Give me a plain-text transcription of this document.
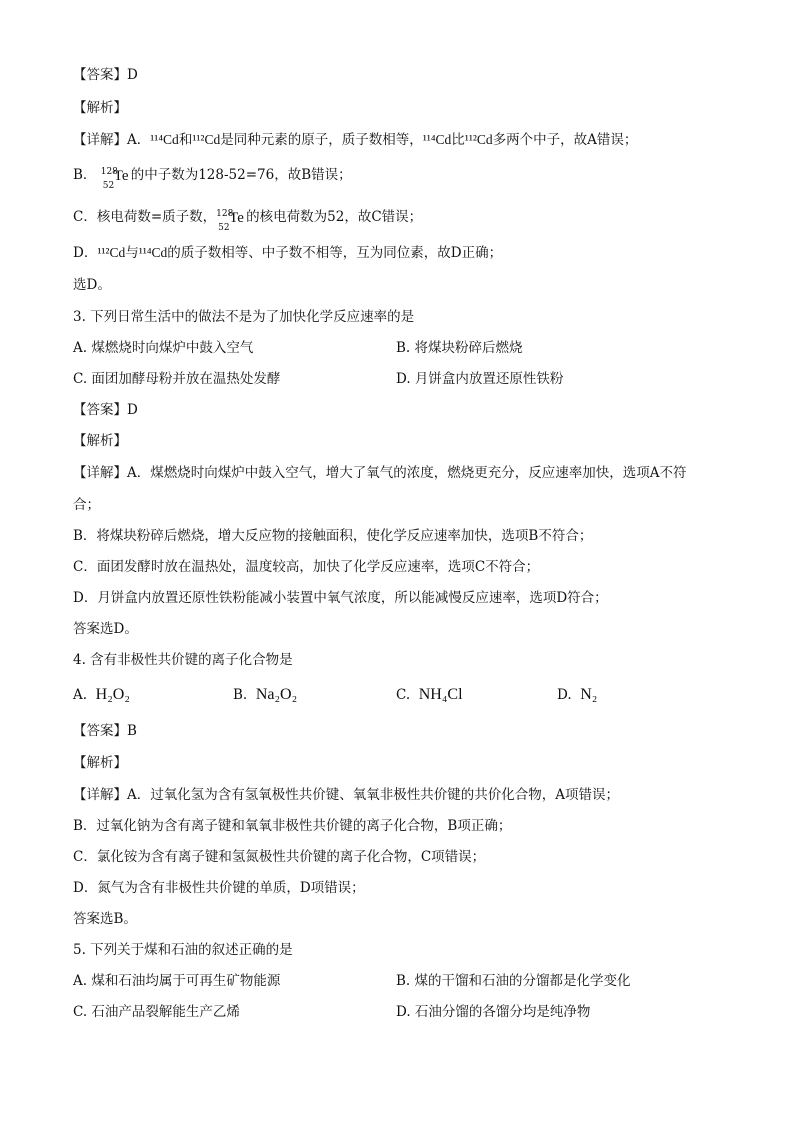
【答案】D
【解析】
【详解】A．¹¹⁴Cd和¹¹²Cd是同种元素的原子，质子数相等，¹¹⁴Cd比¹¹²Cd多两个中子，故A错误；
B． 128
52
Te 的中子数为128-52=76，故B错误；
C．核电荷数=质子数， 128
52
Te 的核电荷数为52，故C错误；
D．¹¹²Cd与¹¹⁴Cd的质子数相等、中子数不相等，互为同位素，故D正确；
选D。
3. 下列日常生活中的做法不是为了加快化学反应速率的是
A. 煤燃烧时向煤炉中鼓入空气	B. 将煤块粉碎后燃烧
C. 面团加酵母粉并放在温热处发酵	D. 月饼盒内放置还原性铁粉
【答案】D
【解析】
【详解】A．煤燃烧时向煤炉中鼓入空气，增大了氧气的浓度，燃烧更充分，反应速率加快，选项A不符
合；
B．将煤块粉碎后燃烧，增大反应物的接触面积，使化学反应速率加快，选项B不符合；
C．面团发酵时放在温热处，温度较高，加快了化学反应速率，选项C不符合；
D．月饼盒内放置还原性铁粉能减小装置中氧气浓度，所以能减慢反应速率，选项D符合；
答案选D。
4. 含有非极性共价键的离子化合物是
A. H₂O₂	B. Na₂O₂	C. NH₄Cl	D. N₂
【答案】B
【解析】
【详解】A．过氧化氢为含有氢氧极性共价键、氧氧非极性共价键的共价化合物，A项错误；
B．过氧化钠为含有离子键和氧氧非极性共价键的离子化合物，B项正确；
C．氯化铵为含有离子键和氢氮极性共价键的离子化合物，C项错误；
D．氮气为含有非极性共价键的单质，D项错误；
答案选B。
5. 下列关于煤和石油的叙述正确的是
A. 煤和石油均属于可再生矿物能源	B. 煤的干馏和石油的分馏都是化学变化
C. 石油产品裂解能生产乙烯	D. 石油分馏的各馏分均是纯净物
